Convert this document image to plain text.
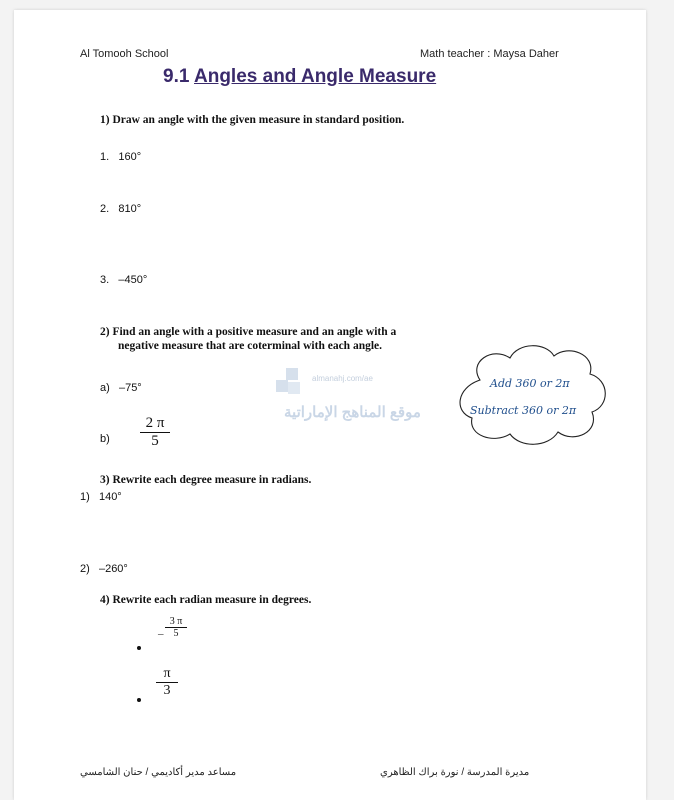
Al Tomooh School	Math teacher : Maysa Daher
9.1 Angles and Angle Measure
1) Draw an angle with the given measure in standard position.
1. 160°
2. 810°
3. –450°
2) Find an angle with a positive measure and an angle with a
negative measure that are coterminal with each angle.
a) –75°
$b) \frac{2 \pi}{5}$
almanahj.com/ae
موقع المناهج الإماراتية
Add 360 or 2π
Subtract 360 or 2π
3) Rewrite each degree measure in radians.
1) 140°
2) –260°
4) Rewrite each radian measure in degrees.
– $\frac{3 \pi}{5}$
$\frac{\pi}{3}$
مساعد مدير أكاديمي / حنان الشامسي	مديرة المدرسة / نورة براك الظاهري
